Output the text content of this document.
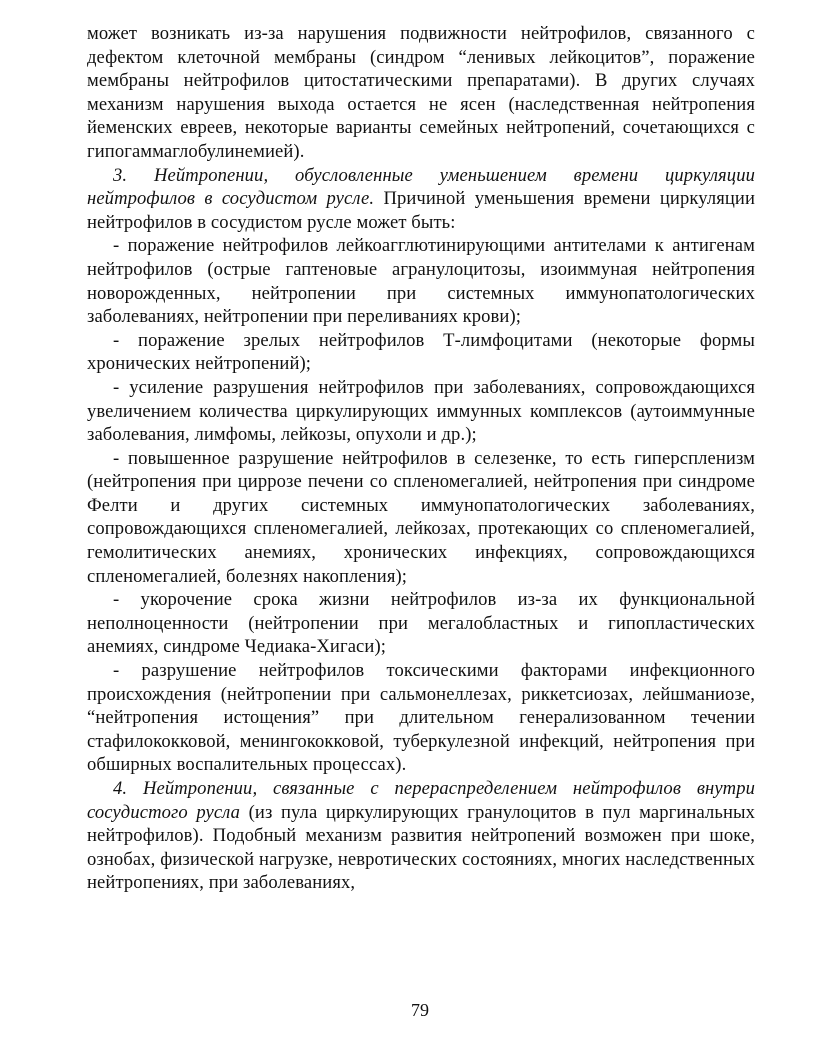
может возникать из-за нарушения подвижности нейтрофилов, связанного с дефектом клеточной мембраны (синдром “ленивых лейкоцитов”, поражение мембраны нейтрофилов цитостатическими препаратами). В других случаях механизм нарушения выхода остается не ясен (наследственная нейтропения йеменских евреев, некоторые варианты семейных нейтропений, сочетающихся с гипогаммаглобулинемией).

3. Нейтропении, обусловленные уменьшением времени циркуляции нейтрофилов в сосудистом русле. Причиной уменьшения времени циркуляции нейтрофилов в сосудистом русле может быть:

- поражение нейтрофилов лейкоагглютинирующими антителами к антигенам нейтрофилов (острые гаптеновые агранулоцитозы, изоиммуная нейтропения новорожденных, нейтропении при системных иммунопатологических заболеваниях, нейтропении при переливаниях крови);

- поражение зрелых нейтрофилов Т-лимфоцитами (некоторые формы хронических нейтропений);

- усиление разрушения нейтрофилов при заболеваниях, сопровождающихся увеличением количества циркулирующих иммунных комплексов (аутоиммунные заболевания, лимфомы, лейкозы, опухоли и др.);

- повышенное разрушение нейтрофилов в селезенке, то есть гиперспленизм (нейтропения при циррозе печени со спленомегалией, нейтропения при синдроме Фелти и других системных иммунопатологических заболеваниях, сопровождающихся спленомегалией, лейкозах, протекающих со спленомегалией, гемолитических анемиях, хронических инфекциях, сопровождающихся спленомегалией, болезнях накопления);

- укорочение срока жизни нейтрофилов из-за их функциональной неполноценности (нейтропении при мегалобластных и гипопластических анемиях, синдроме Чедиака-Хигаси);

- разрушение нейтрофилов токсическими факторами инфекционного происхождения (нейтропении при сальмонеллезах, риккетсиозах, лейшманиозе, “нейтропения истощения” при длительном генерализованном течении стафилококковой, менингококковой, туберкулезной инфекций, нейтропения при обширных воспалительных процессах).

4. Нейтропении, связанные с перераспределением нейтрофилов внутри сосудистого русла (из пула циркулирующих гранулоцитов в пул маргинальных нейтрофилов). Подобный механизм развития нейтропений возможен при шоке, ознобах, физической нагрузке, невротических состояниях, многих наследственных нейтропениях, при заболеваниях,

79
